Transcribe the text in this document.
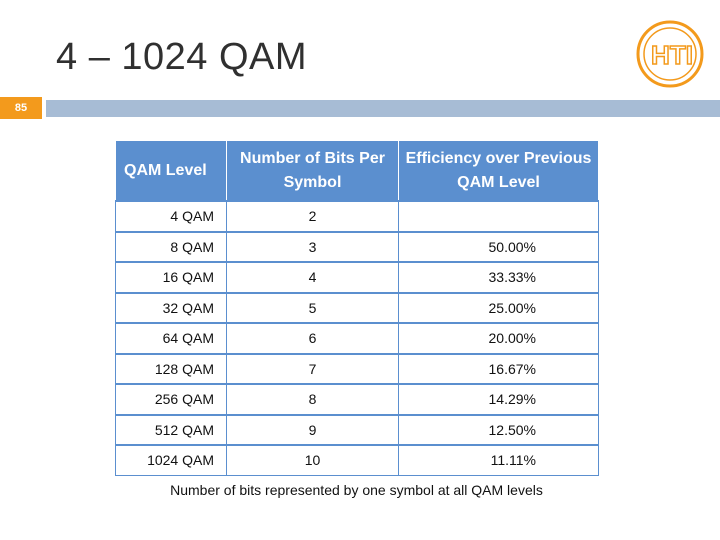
4 – 1024 QAM	HTI
85
QAM Level	Number of Bits Per Symbol	Efficiency over Previous QAM Level
4 QAM	2	
8 QAM	3	50.00%
16 QAM	4	33.33%
32 QAM	5	25.00%
64 QAM	6	20.00%
128 QAM	7	16.67%
256 QAM	8	14.29%
512 QAM	9	12.50%
1024 QAM	10	11.11%
Number of bits represented by one symbol at all QAM levels
